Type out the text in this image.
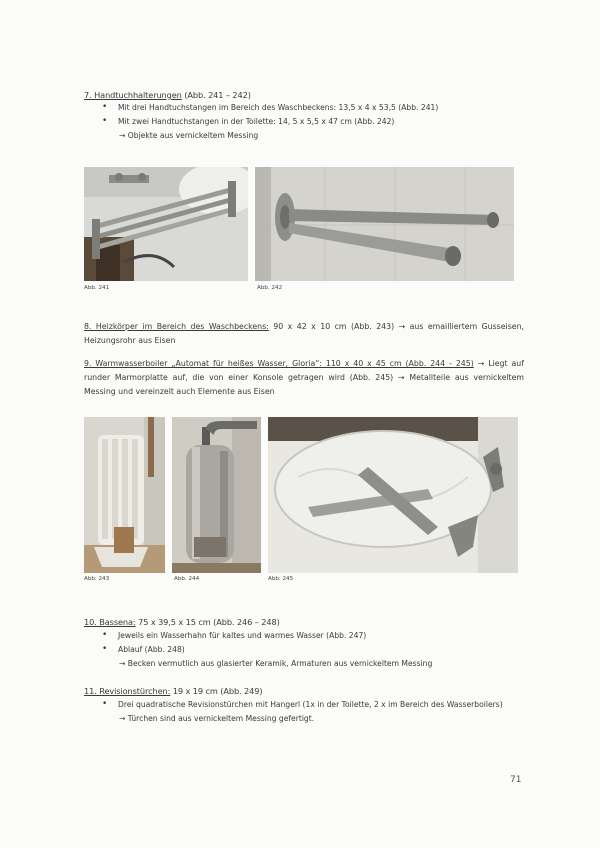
7. Handtuchhalterungen (Abb. 241 – 242)
• Mit drei Handtuchstangen im Bereich des Waschbeckens: 13,5 x 4 x 53,5 (Abb. 241)
• Mit zwei Handtuchstangen in der Toilette: 14, 5 x 5,5 x 47 cm (Abb. 242)
→ Objekte aus vernickeltem Messing
Abb. 241	Abb. 242
8. Heizkörper im Bereich des Waschbeckens: 90 x 42 x 10 cm (Abb. 243) → aus emailliertem Gusseisen, Heizungsrohr aus Eisen
9. Warmwasserboiler „Automat für heißes Wasser, Gloria“: 110 x 40 x 45 cm (Abb. 244 - 245) → Liegt auf runder Marmorplatte auf, die von einer Konsole getragen wird (Abb. 245) → Metallteile aus vernickeltem Messing und vereinzelt auch Elemente aus Eisen
Abb. 243	Abb. 244	Abb. 245
10. Bassena: 75 x 39,5 x 15 cm (Abb. 246 – 248)
• Jeweils ein Wasserhahn für kaltes und warmes Wasser (Abb. 247)
• Ablauf (Abb. 248)
→ Becken vermutlich aus glasierter Keramik, Armaturen aus vernickeltem Messing
11. Revisionstürchen: 19 x 19 cm (Abb. 249)
• Drei quadratische Revisionstürchen mit Hangerl (1x in der Toilette, 2 x im Bereich des Wasserboilers)
→ Türchen sind aus vernickeltem Messing gefertigt.
71
